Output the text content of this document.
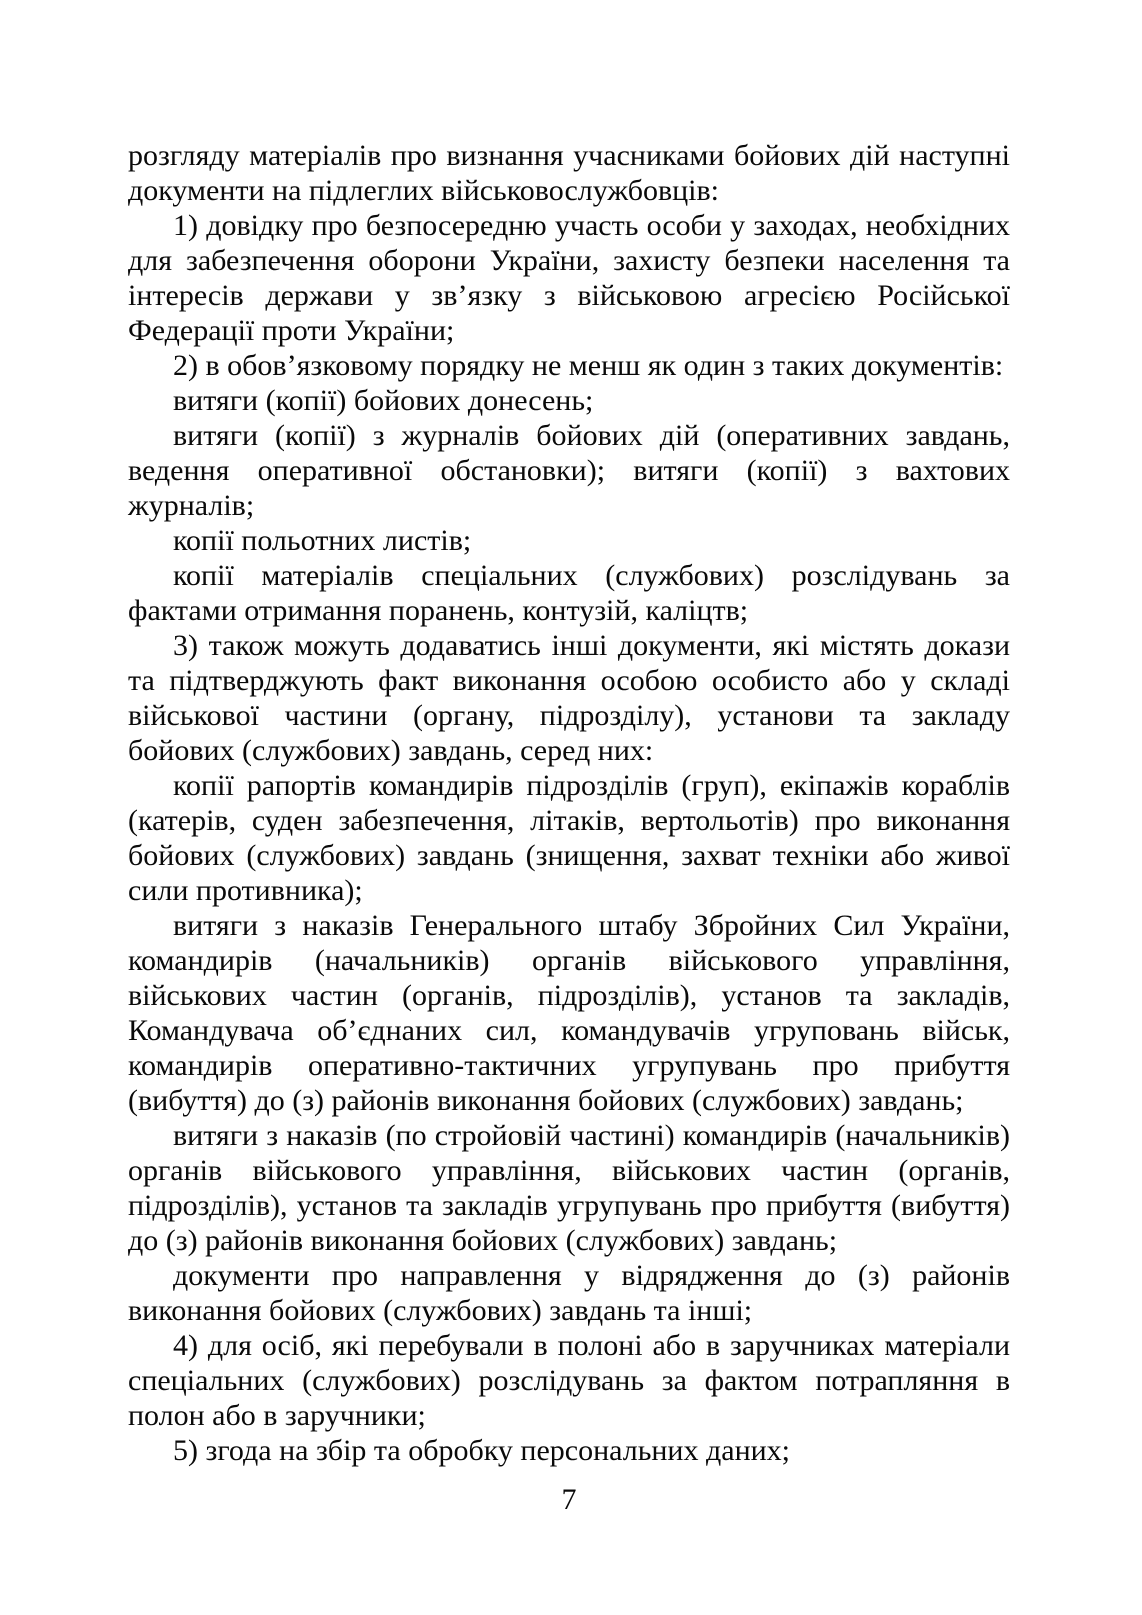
розгляду матеріалів про визнання учасниками бойових дій наступні документи на підлеглих військовослужбовців:

1) довідку про безпосередню участь особи у заходах, необхідних для забезпечення оборони України, захисту безпеки населення та інтересів держави у зв’язку з військовою агресією Російської Федерації проти України;

2) в обов’язковому порядку не менш як один з таких документів:

витяги (копії) бойових донесень;

витяги (копії) з журналів бойових дій (оперативних завдань, ведення оперативної обстановки); витяги (копії) з вахтових журналів;

копії польотних листів;

копії матеріалів спеціальних (службових) розслідувань за фактами отримання поранень, контузій, каліцтв;

3) також можуть додаватись інші документи, які містять докази та підтверджують факт виконання особою особисто або у складі військової частини (органу, підрозділу), установи та закладу бойових (службових) завдань, серед них:

копії рапортів командирів підрозділів (груп), екіпажів кораблів (катерів, суден забезпечення, літаків, вертольотів) про виконання бойових (службових) завдань (знищення, захват техніки або живої сили противника);

витяги з наказів Генерального штабу Збройних Сил України, командирів (начальників) органів військового управління, військових частин (органів, підрозділів), установ та закладів, Командувача об’єднаних сил, командувачів угруповань військ, командирів оперативно-тактичних угрупувань про прибуття (вибуття) до (з) районів виконання бойових (службових) завдань;

витяги з наказів (по стройовій частині) командирів (начальників) органів військового управління, військових частин (органів, підрозділів), установ та закладів угрупувань про прибуття (вибуття) до (з) районів виконання бойових (службових) завдань;

документи про направлення у відрядження до (з) районів виконання бойових (службових) завдань та інші;

4) для осіб, які перебували в полоні або в заручниках матеріали спеціальних (службових) розслідувань за фактом потрапляння в полон або в заручники;

5) згода на збір та обробку персональних даних;

7
